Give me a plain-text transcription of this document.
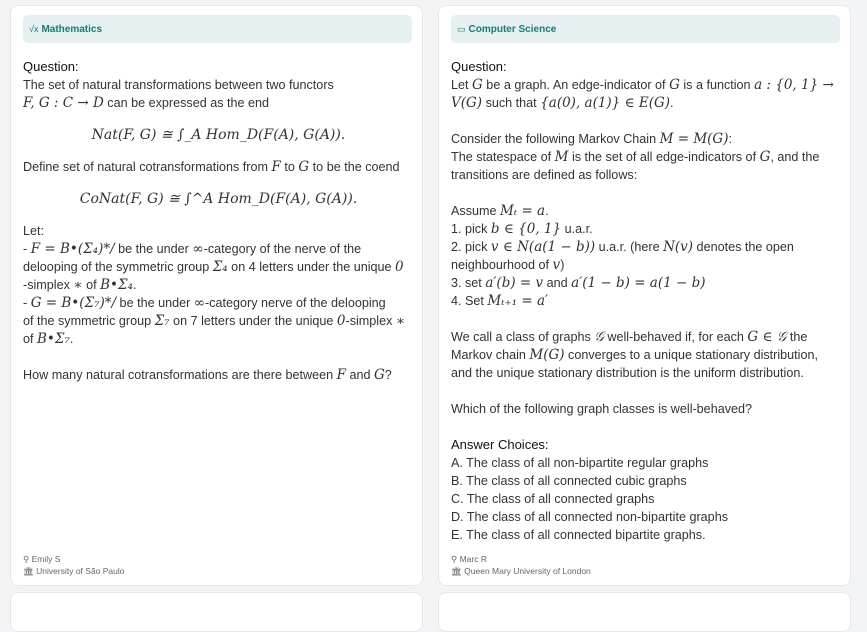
√x Mathematics
Question:
The set of natural transformations between two functors
F, G : C → D can be expressed as the end
Nat(F, G) ≅ ∫_A Hom_D(F(A), G(A)).
Define set of natural cotransformations from F to G to be the coend
CoNat(F, G) ≅ ∫^A Hom_D(F(A), G(A)).
Let:
- F = B•(Σ₄)*/ be the under ∞-category of the nerve of the
delooping of the symmetric group Σ₄ on 4 letters under the unique 0
-simplex ∗ of B•Σ₄.
- G = B•(Σ₇)*/ be the under ∞-category nerve of the delooping
of the symmetric group Σ₇ on 7 letters under the unique 0-simplex ∗
of B•Σ₇.
How many natural cotransformations are there between F and G?
⚲ Emily S
🏛 University of São Paulo
▭ Computer Science
Question:
Let G be a graph. An edge-indicator of G is a function a : {0, 1} →
V(G) such that {a(0), a(1)} ∈ E(G).
Consider the following Markov Chain M = M(G):
The statespace of M is the set of all edge-indicators of G, and the
transitions are defined as follows:
Assume Mₜ = a.
1. pick b ∈ {0, 1} u.a.r.
2. pick v ∈ N(a(1 − b)) u.a.r. (here N(v) denotes the open
neighbourhood of v)
3. set a′(b) = v and a′(1 − b) = a(1 − b)
4. Set Mₜ₊₁ = a′
We call a class of graphs 𝒢 well-behaved if, for each G ∈ 𝒢 the
Markov chain M(G) converges to a unique stationary distribution,
and the unique stationary distribution is the uniform distribution.
Which of the following graph classes is well-behaved?
Answer Choices:
A. The class of all non-bipartite regular graphs
B. The class of all connected cubic graphs
C. The class of all connected graphs
D. The class of all connected non-bipartite graphs
E. The class of all connected bipartite graphs.
⚲ Marc R
🏛 Queen Mary University of London
